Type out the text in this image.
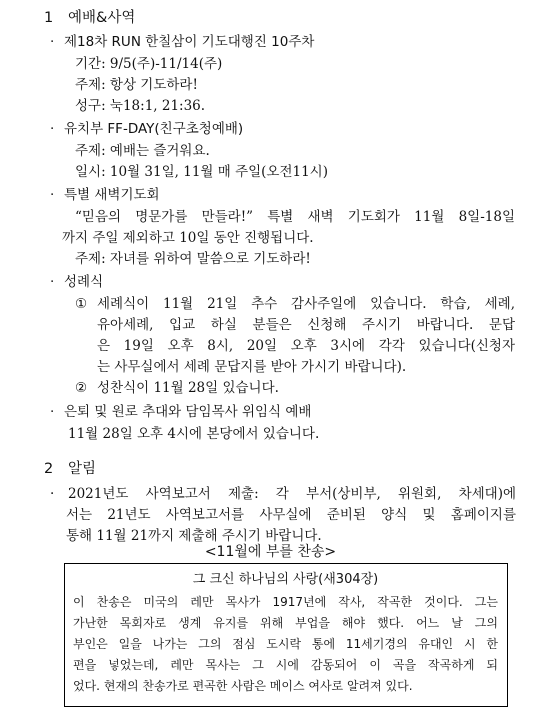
1 예배&사역
· 제18차 RUN 한칠삼이 기도대행진 10주차
기간: 9/5(주)-11/14(주)
주제: 항상 기도하라!
성구: 눅18:1, 21:36.
· 유치부 FF-DAY(친구초청예배)
주제: 예배는 즐거워요.
일시: 10월 31일, 11월 매 주일(오전11시)
· 특별 새벽기도회
“믿음의 명문가를 만들라!” 특별 새벽 기도회가 11월 8일-18일
까지 주일 제외하고 10일 동안 진행됩니다.
주제: 자녀를 위하여 말씀으로 기도하라!
· 성례식
① 세례식이 11월 21일 추수 감사주일에 있습니다. 학습, 세례,
유아세례, 입교 하실 분들은 신청해 주시기 바랍니다. 문답
은 19일 오후 8시, 20일 오후 3시에 각각 있습니다(신청자
는 사무실에서 세례 문답지를 받아 가시기 바랍니다).
② 성찬식이 11월 28일 있습니다.
· 은퇴 및 원로 추대와 담임목사 위임식 예배
11월 28일 오후 4시에 본당에서 있습니다.
2 알림
· 2021년도 사역보고서 제출: 각 부서(상비부, 위원회, 차세대)에
서는 21년도 사역보고서를 사무실에 준비된 양식 및 홈페이지를
통해 11월 21까지 제출해 주시기 바랍니다.
<11월에 부를 찬송>
그 크신 하나님의 사랑(새304장)
이 찬송은 미국의 레만 목사가 1917년에 작사, 작곡한 것이다. 그는
가난한 목회자로 생계 유지를 위해 부업을 해야 했다. 어느 날 그의
부인은 일을 나가는 그의 점심 도시락 통에 11세기경의 유대인 시 한
편을 넣었는데, 레만 목사는 그 시에 감동되어 이 곡을 작곡하게 되
었다. 현재의 찬송가로 편곡한 사람은 메이스 여사로 알려져 있다.
